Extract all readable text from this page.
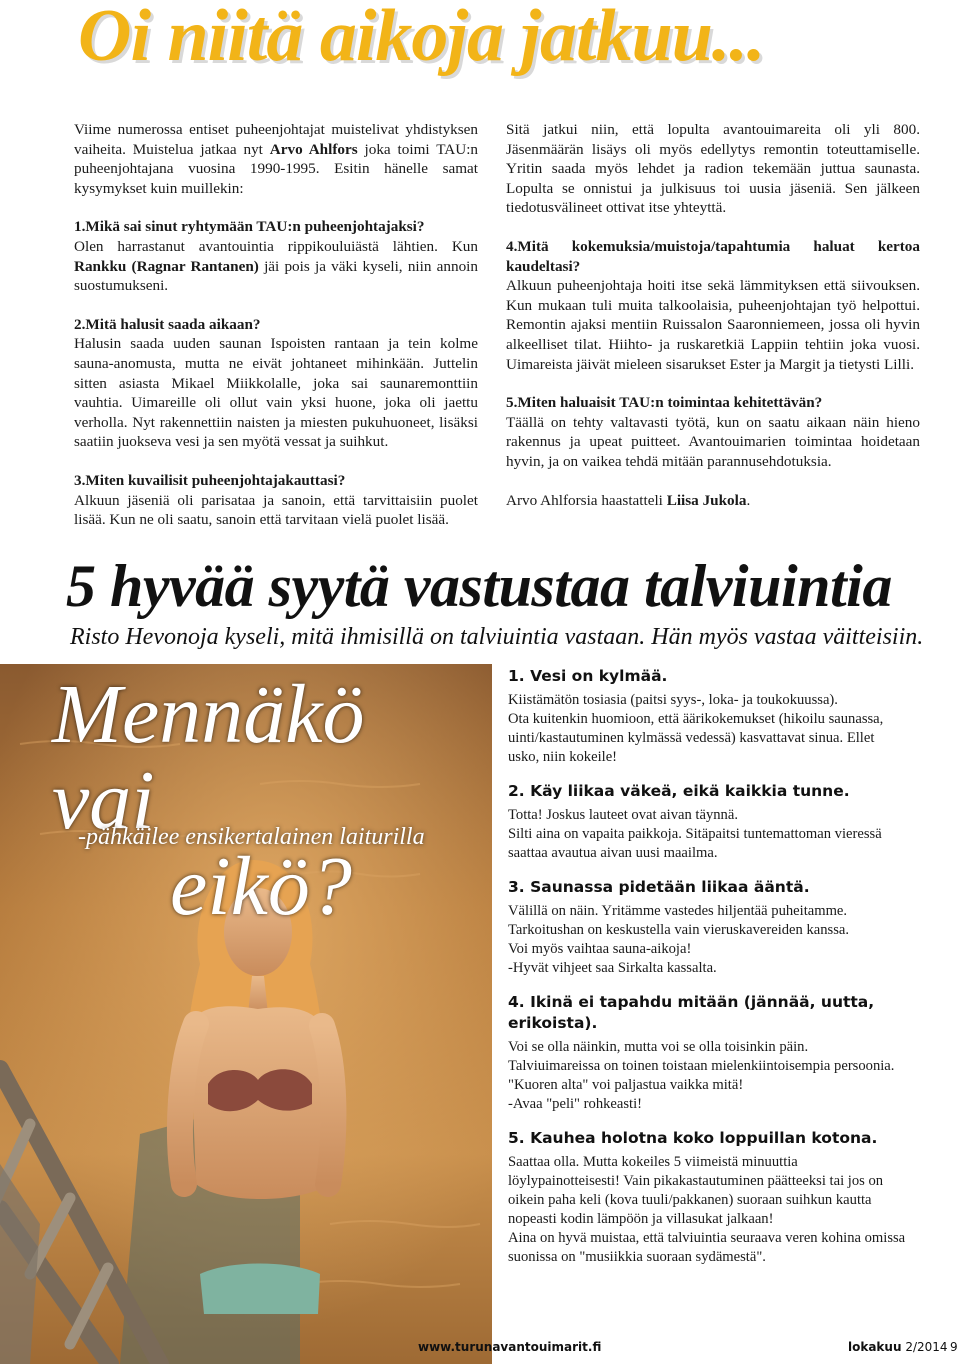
Oi niitä aikoja jatkuu...

Viime numerossa entiset puheenjohtajat muistelivat yhdistyksen vaiheita. Muistelua jatkaa nyt Arvo Ahlfors joka toimi TAU:n puheenjohtajana vuosina 1990-1995. Esitin hänelle samat kysymykset kuin muillekin:

1.Mikä sai sinut ryhtymään TAU:n puheenjohtajaksi?
Olen harrastanut avantouintia rippikouluiästä lähtien. Kun Rankku (Ragnar Rantanen) jäi pois ja väki kyseli, niin annoin suostumukseni.

2.Mitä halusit saada aikaan?
Halusin saada uuden saunan Ispoisten rantaan ja tein kolme sauna-anomusta, mutta ne eivät johtaneet mihinkään. Juttelin sitten asiasta Mikael Miikkolalle, joka sai saunaremonttiin vauhtia. Uimareille oli ollut vain yksi huone, joka oli jaettu verholla. Nyt rakennettiin naisten ja miesten pukuhuoneet, lisäksi saatiin juokseva vesi ja sen myötä vessat ja suihkut.

3.Miten kuvailisit puheenjohtajakauttasi?
Alkuun jäseniä oli parisataa ja sanoin, että tarvittaisiin puolet lisää. Kun ne oli saatu, sanoin että tarvitaan vielä puolet lisää.

Sitä jatkui niin, että lopulta avantouimareita oli yli 800. Jäsenmäärän lisäys oli myös edellytys remontin toteuttamiselle. Yritin saada myös lehdet ja radion tekemään juttua saunasta. Lopulta se onnistui ja julkisuus toi uusia jäseniä. Sen jälkeen tiedotusvälineet ottivat itse yhteyttä.

4.Mitä kokemuksia/muistoja/tapahtumia haluat kertoa kaudeltasi?
Alkuun puheenjohtaja hoiti itse sekä lämmityksen että siivouksen. Kun mukaan tuli muita talkoolaisia, puheenjohtajan työ helpottui. Remontin ajaksi mentiin Ruissalon Saaronniemeen, jossa oli hyvin alkeelliset tilat. Hiihto- ja ruskaretkiä Lappiin tehtiin joka vuosi. Uimareista jäivät mieleen sisarukset Ester ja Margit ja tietysti Lilli.

5.Miten haluaisit TAU:n toimintaa kehitettävän?
Täällä on tehty valtavasti työtä, kun on saatu aikaan näin hieno rakennus ja upeat puitteet. Avantouimarien toimintaa hoidetaan hyvin, ja on vaikea tehdä mitään parannusehdotuksia.

Arvo Ahlforsia haastatteli Liisa Jukola.

5 hyvää syytä vastustaa talviuintia
Risto Hevonoja kyseli, mitä ihmisillä on talviuintia vastaan. Hän myös vastaa väitteisiin.
Mennäkö vai
eikö?
-pähkäilee ensikertalainen laiturilla
1. Vesi on kylmää.
Kiistämätön tosiasia (paitsi syys-, loka- ja toukokuussa).
Ota kuitenkin huomioon, että äärikokemukset (hikoilu saunassa, uinti/kastautuminen kylmässä vedessä) kasvattavat sinua. Ellet usko, niin kokeile!
2. Käy liikaa väkeä, eikä kaikkia tunne.
Totta! Joskus lauteet ovat aivan täynnä.
Silti aina on vapaita paikkoja. Sitäpaitsi tuntemattoman vieressä saattaa avautua aivan uusi maailma.
3. Saunassa pidetään liikaa ääntä.
Välillä on näin. Yritämme vastedes hiljentää puheitamme.
Tarkoitushan on keskustella vain vieruskavereiden kanssa.
Voi myös vaihtaa sauna-aikoja!
-Hyvät vihjeet saa Sirkalta kassalta.
4. Ikinä ei tapahdu mitään (jännää, uutta, erikoista).
Voi se olla näinkin, mutta voi se olla toisinkin päin.
Talviuimareissa on toinen toistaan mielenkiintoisempia persoonia. "Kuoren alta" voi paljastua vaikka mitä!
-Avaa "peli" rohkeasti!
5. Kauhea holotna koko loppuillan kotona.
Saattaa olla. Mutta kokeiles 5 viimeistä minuuttia löylypainotteisesti! Vain pikakastautuminen päätteeksi tai jos on oikein paha keli (kova tuuli/pakkanen) suoraan suihkun kautta nopeasti kodin lämpöön ja villasukat jalkaan!
Aina on hyvä muistaa, että talviuintia seuraava veren kohina omissa suonissa on "musiikkia suoraan sydämestä".
www.turunavantouimarit.fi	lokakuu 2/2014 9
